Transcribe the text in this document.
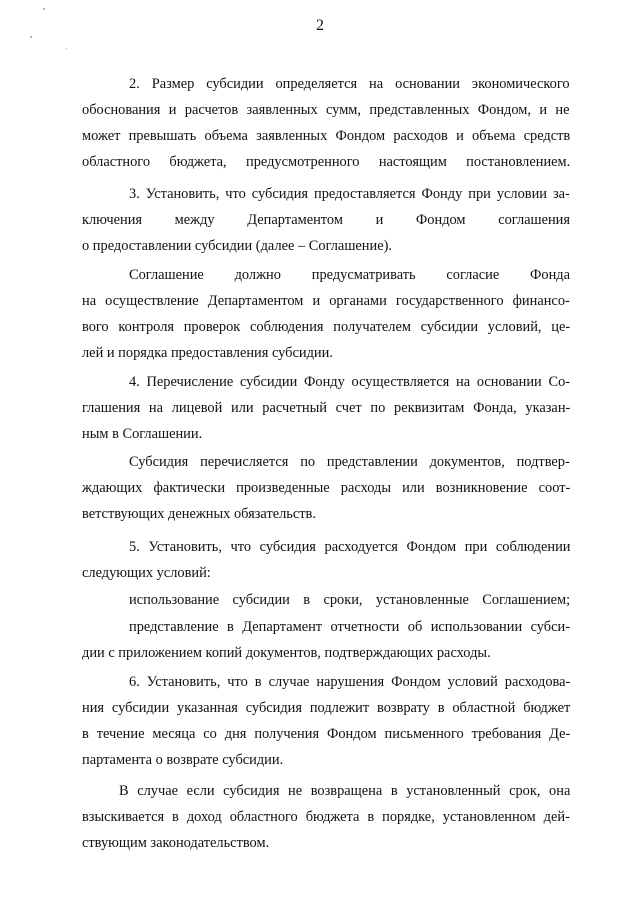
2
2. Размер субсидии определяется на основании экономического
обоснования и расчетов заявленных сумм, представленных Фондом, и не
может превышать объема заявленных Фондом расходов и объема средств
областного бюджета, предусмотренного настоящим постановлением.
3. Установить, что субсидия предоставляется Фонду при условии за-
ключения между Департаментом и Фондом соглашения
о предоставлении субсидии (далее – Соглашение).
Соглашение должно предусматривать согласие Фонда
на осуществление Департаментом и органами государственного финансо-
вого контроля проверок соблюдения получателем субсидии условий, це-
лей и порядка предоставления субсидии.
4. Перечисление субсидии Фонду осуществляется на основании Со-
глашения на лицевой или расчетный счет по реквизитам Фонда, указан-
ным в Соглашении.
Субсидия перечисляется по представлении документов, подтвер-
ждающих фактически произведенные расходы или возникновение соот-
ветствующих денежных обязательств.
5. Установить, что субсидия расходуется Фондом при соблюдении
следующих условий:
использование субсидии в сроки, установленные Соглашением;
представление в Департамент отчетности об использовании субси-
дии с приложением копий документов, подтверждающих расходы.
6. Установить, что в случае нарушения Фондом условий расходова-
ния субсидии указанная субсидия подлежит возврату в областной бюджет
в течение месяца со дня получения Фондом письменного требования Де-
партамента о возврате субсидии.
В случае если субсидия не возвращена в установленный срок, она
взыскивается в доход областного бюджета в порядке, установленном дей-
ствующим законодательством.
